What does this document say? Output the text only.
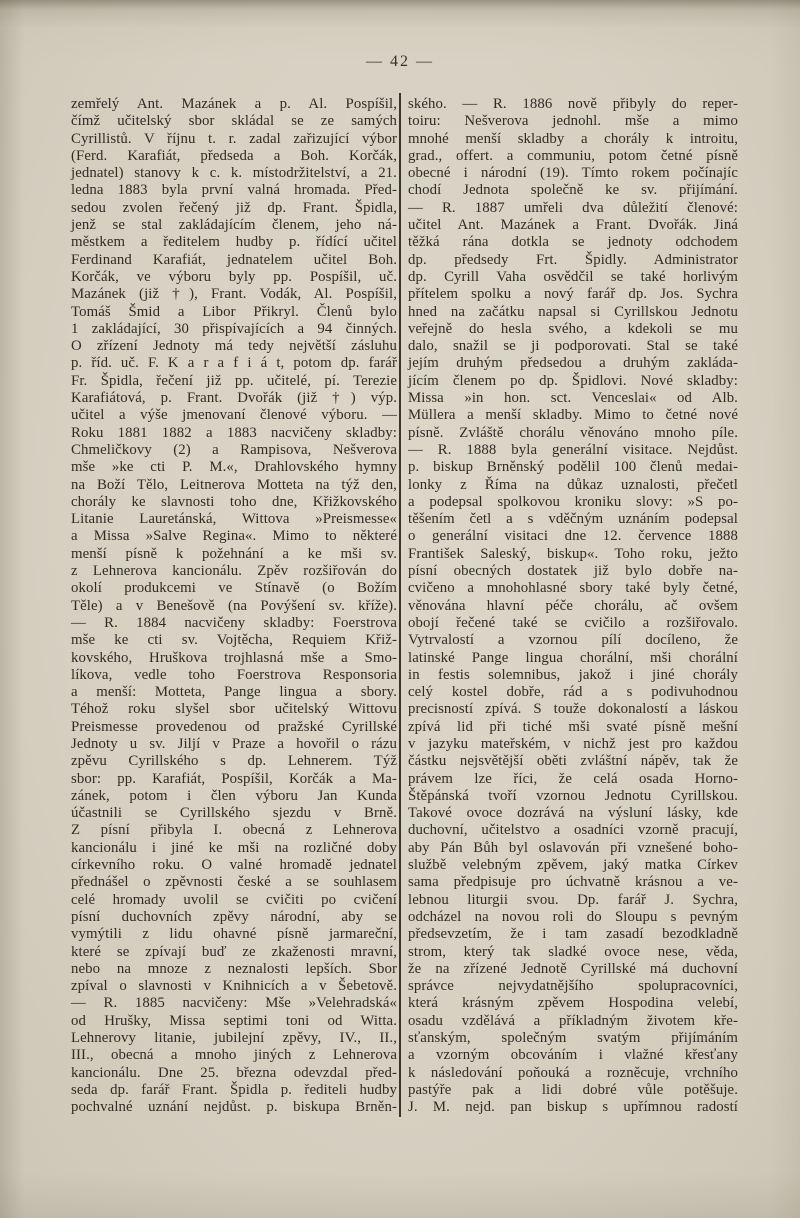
— 42 —
zemřelý Ant. Mazánek a p. Al. Pospíšil,
čímž učitelský sbor skládal se ze samých
Cyrillistů. V říjnu t. r. zadal zařizující výbor
(Ferd. Karafiát, předseda a Boh. Korčák,
jednatel) stanovy k c. k. místodržitelství, a 21.
ledna 1883 byla první valná hromada. Před-
sedou zvolen řečený již dp. Frant. Špidla,
jenž se stal zakládajícím členem, jeho ná-
městkem a ředitelem hudby p. řídící učitel
Ferdinand Karafiát, jednatelem učitel Boh.
Korčák, ve výboru byly pp. Pospíšil, uč.
Mazánek (již †), Frant. Vodák, Al. Pospíšil,
Tomáš Šmid a Libor Přikryl. Členů bylo
1 zakládající, 30 přispívajících a 94 činných.
O zřízení Jednoty má tedy největší zásluhu
p. říd. uč. F. K a r a f i á t, potom dp. farář
Fr. Špidla, řečení již pp. učitelé, pí. Terezie
Karafiátová, p. Frant. Dvořák (již †) výp.
učitel a výše jmenovaní členové výboru. —
Roku 1881 1882 a 1883 nacvičeny skladby:
Chmeličkovy (2) a Rampisova, Nešverova
mše »ke cti P. M.«, Drahlovského hymny
na Boží Tělo, Leitnerova Motteta na týž den,
chorály ke slavnosti toho dne, Křižkovského
Litanie Lauretánská, Wittova »Preismesse«
a Missa »Salve Regina«. Mimo to některé
menší písně k požehnání a ke mši sv.
z Lehnerova kancionálu. Zpěv rozšiřován do
okolí produkcemi ve Stínavě (o Božím
Těle) a v Benešově (na Povýšení sv. kříže).
— R. 1884 nacvičeny skladby: Foerstrova
mše ke cti sv. Vojtěcha, Requiem Křiž-
kovského, Hruškova trojhlasná mše a Smo-
líkova, vedle toho Foerstrova Responsoria
a menší: Motteta, Pange lingua a sbory.
Téhož roku slyšel sbor učitelský Wittovu
Preismesse provedenou od pražské Cyrillské
Jednoty u sv. Jiljí v Praze a hovořil o rázu
zpěvu Cyrillského s dp. Lehnerem. Týž
sbor: pp. Karafiát, Pospíšil, Korčák a Ma-
zánek, potom i člen výboru Jan Kunda
účastnili se Cyrillského sjezdu v Brně.
Z písní přibyla I. obecná z Lehnerova
kancionálu i jiné ke mši na rozličné doby
církevního roku. O valné hromadě jednatel
přednášel o zpěvnosti české a se souhlasem
celé hromady uvolil se cvičiti po cvičení
písní duchovních zpěvy národní, aby se
vymýtili z lidu ohavné písně jarmareční,
které se zpívají buď ze zkaženosti mravní,
nebo na mnoze z neznalosti lepších. Sbor
zpíval o slavnosti v Knihnicích a v Šebetově.
— R. 1885 nacvičeny: Mše »Velehradská«
od Hrušky, Missa septimi toni od Witta.
Lehnerovy litanie, jubilejní zpěvy, IV., II.,
III., obecná a mnoho jiných z Lehnerova
kancionálu. Dne 25. března odevzdal před-
seda dp. farář Frant. Špidla p. řediteli hudby
pochvalné uznání nejdůst. p. biskupa Brněn-
ského. — R. 1886 nově přibyly do reper-
toiru: Nešverova jednohl. mše a mimo
mnohé menší skladby a chorály k introitu,
grad., offert. a communiu, potom četné písně
obecné i národní (19). Tímto rokem počínajíc
chodí Jednota společně ke sv. přijímání.
— R. 1887 umřeli dva důležití členové:
učitel Ant. Mazánek a Frant. Dvořák. Jiná
těžká rána dotkla se jednoty odchodem
dp. předsedy Frt. Špidly. Administrator
dp. Cyrill Vaha osvědčil se také horlivým
přítelem spolku a nový farář dp. Jos. Sychra
hned na začátku napsal si Cyrillskou Jednotu
veřejně do hesla svého, a kdekoli se mu
dalo, snažil se ji podporovati. Stal se také
jejím druhým předsedou a druhým zakláda-
jícím členem po dp. Špidlovi. Nové skladby:
Missa »in hon. sct. Venceslai« od Alb.
Müllera a menší skladby. Mimo to četné nové
písně. Zvláště chorálu věnováno mnoho píle.
— R. 1888 byla generální visitace. Nejdůst.
p. biskup Brněnský podělil 100 členů medai-
lonky z Říma na důkaz uznalosti, přečetl
a podepsal spolkovou kroniku slovy: »S po-
těšením četl a s vděčným uznáním podepsal
o generální visitaci dne 12. července 1888
František Saleský, biskup«. Toho roku, ježto
písní obecných dostatek již bylo dobře na-
cvičeno a mnohohlasné sbory také byly četné,
věnována hlavní péče chorálu, ač ovšem
obojí řečené také se cvičilo a rozšiřovalo.
Vytrvalostí a vzornou pílí docíleno, že
latinské Pange lingua chorální, mši chorální
in festis solemnibus, jakož i jiné chorály
celý kostel dobře, rád a s podivuhodnou
precisností zpívá. S touže dokonalostí a láskou
zpívá lid při tiché mši svaté písně mešní
v jazyku mateřském, v nichž jest pro každou
částku nejsvětější oběti zvláštní nápěv, tak že
právem lze říci, že celá osada Horno-
Štěpánská tvoří vzornou Jednotu Cyrillskou.
Takové ovoce dozrává na výsluní lásky, kde
duchovní, učitelstvo a osadníci vzorně pracují,
aby Pán Bůh byl oslavován při vznešené boho-
službě velebným zpěvem, jaký matka Církev
sama předpisuje pro úchvatně krásnou a ve-
lebnou liturgii svou. Dp. farář J. Sychra,
odcházel na novou roli do Sloupu s pevným
předsevzetím, že i tam zasadí bezodkladně
strom, který tak sladké ovoce nese, věda,
že na zřízené Jednotě Cyrillské má duchovní
správce nejvydatnějšího spolupracovníci,
která krásným zpěvem Hospodina velebí,
osadu vzdělává a příkladným životem kře-
sťanským, společným svatým přijímáním
a vzorným obcováním i vlažné křesťany
k následování poňouká a rozněcuje, vrchního
pastýře pak a lidi dobré vůle potěšuje.
J. M. nejd. pan biskup s upřímnou radostí
